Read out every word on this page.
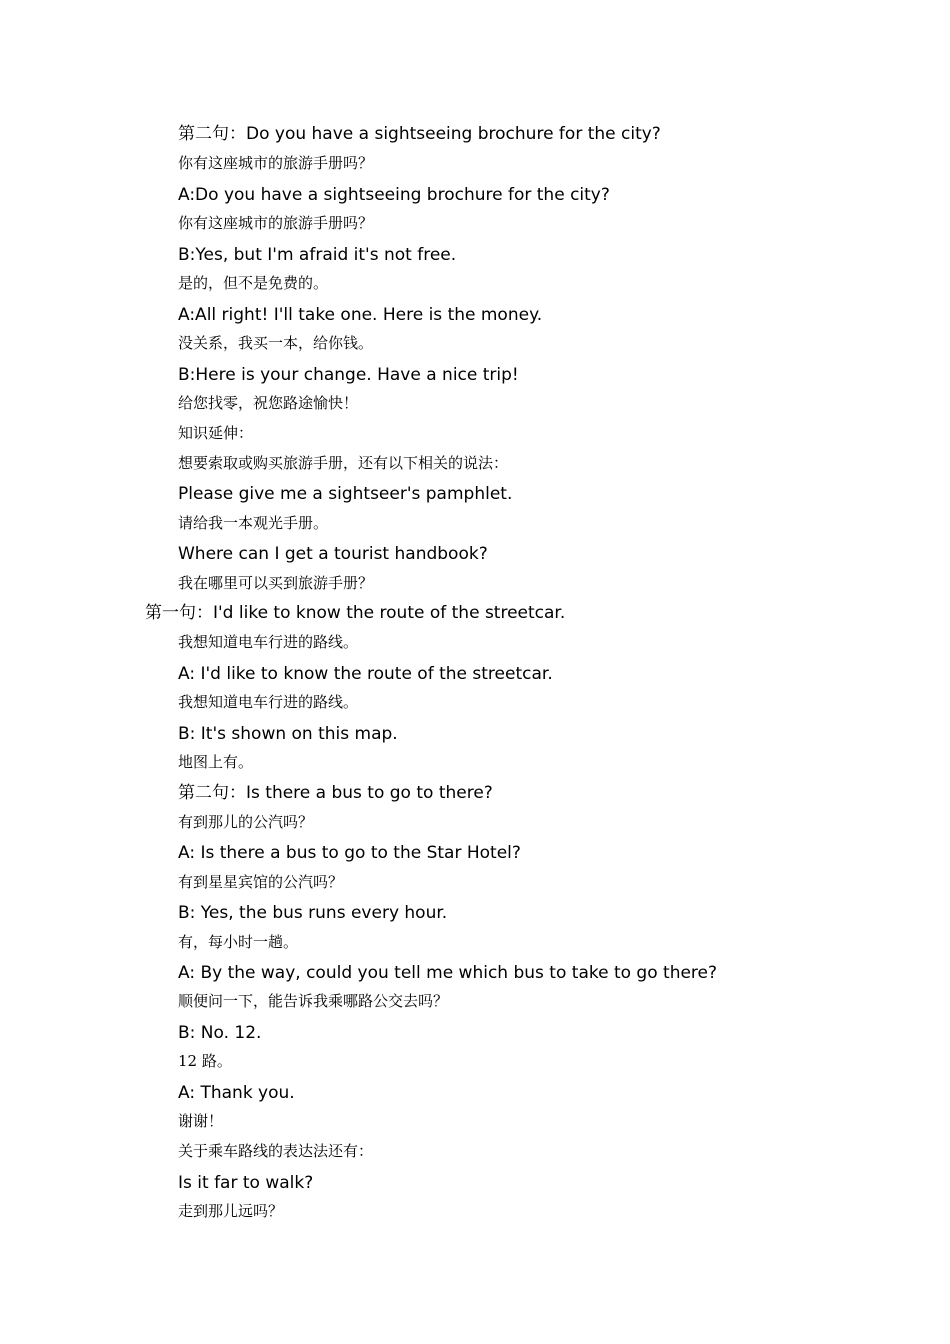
第二句：Do you have a sightseeing brochure for the city?
你有这座城市的旅游手册吗？
A:Do you have a sightseeing brochure for the city?
你有这座城市的旅游手册吗？
B:Yes, but I'm afraid it's not free.
是的，但不是免费的。
A:All right! I'll take one. Here is the money.
没关系，我买一本，给你钱。
B:Here is your change. Have a nice trip!
给您找零，祝您路途愉快！
知识延伸：
想要索取或购买旅游手册，还有以下相关的说法：
Please give me a sightseer's pamphlet.
请给我一本观光手册。
Where can I get a tourist handbook?
我在哪里可以买到旅游手册？
第一句：I'd like to know the route of the streetcar.
我想知道电车行进的路线。
A: I'd like to know the route of the streetcar.
我想知道电车行进的路线。
B: It's shown on this map.
地图上有。
第二句：Is there a bus to go to there?
有到那儿的公汽吗？
A: Is there a bus to go to the Star Hotel?
有到星星宾馆的公汽吗？
B: Yes, the bus runs every hour.
有，每小时一趟。
A: By the way, could you tell me which bus to take to go there?
顺便问一下，能告诉我乘哪路公交去吗？
B: No. 12.
12 路。
A: Thank you.
谢谢！
关于乘车路线的表达法还有：
Is it far to walk?
走到那儿远吗？
